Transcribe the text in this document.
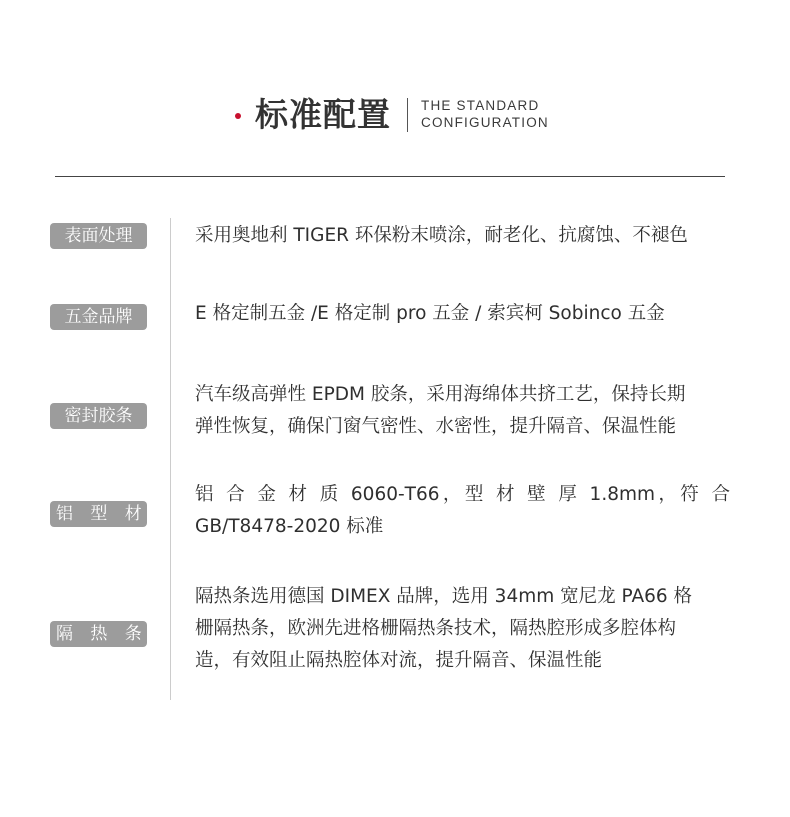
标准配置 THE STANDARD
CONFIGURATION
表面处理	采用奥地利 TIGER 环保粉末喷涂，耐老化、抗腐蚀、不褪色
五金品牌	E 格定制五金 /E 格定制 pro 五金 / 索宾柯 Sobinco 五金
密封胶条
汽车级高弹性 EPDM 胶条，采用海绵体共挤工艺，保持长期
弹性恢复，确保门窗气密性、水密性，提升隔音、保温性能
铝 型 材
铝 合 金 材 质 6060-T66，型 材 壁 厚 1.8mm，符 合
GB/T8478-2020 标准
隔 热 条
隔热条选用德国 DIMEX 品牌，选用 34mm 宽尼龙 PA66 格
栅隔热条，欧洲先进格栅隔热条技术，隔热腔形成多腔体构
造，有效阻止隔热腔体对流，提升隔音、保温性能
